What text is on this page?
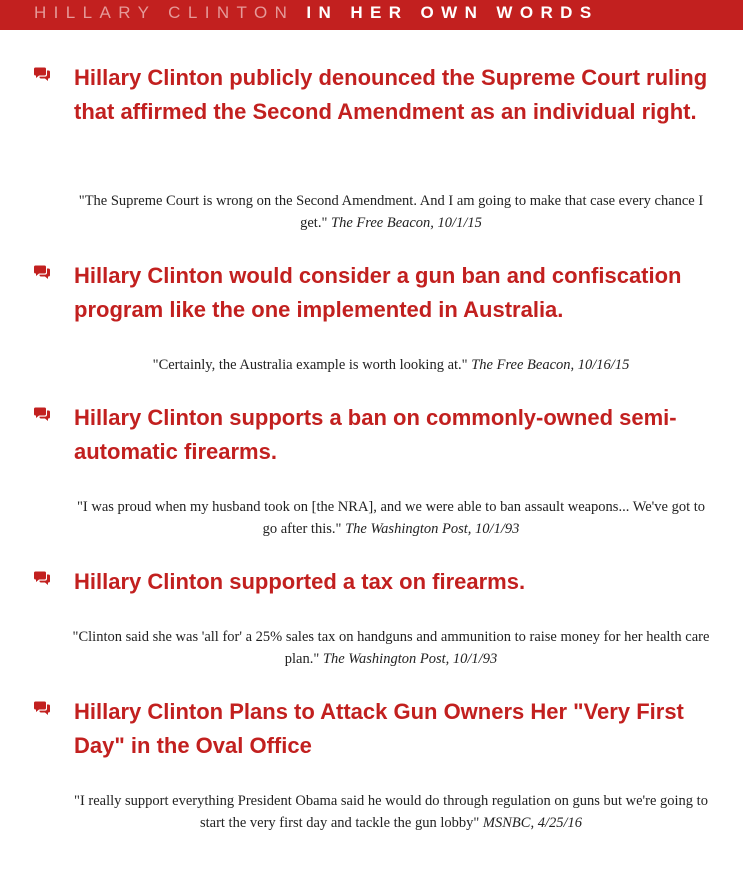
HILLARY CLINTON IN HER OWN WORDS

Hillary Clinton publicly denounced the Supreme Court ruling that affirmed the Second Amendment as an individual right.

"The Supreme Court is wrong on the Second Amendment. And I am going to make that case every chance I get." The Free Beacon, 10/1/15

Hillary Clinton would consider a gun ban and confiscation program like the one implemented in Australia.

"Certainly, the Australia example is worth looking at." The Free Beacon, 10/16/15

Hillary Clinton supports a ban on commonly-owned semi-automatic firearms.

"I was proud when my husband took on [the NRA], and we were able to ban assault weapons... We've got to go after this." The Washington Post, 10/1/93

Hillary Clinton supported a tax on firearms.

"Clinton said she was 'all for' a 25% sales tax on handguns and ammunition to raise money for her health care plan." The Washington Post, 10/1/93

Hillary Clinton Plans to Attack Gun Owners Her "Very First Day" in the Oval Office

"I really support everything President Obama said he would do through regulation on guns but we're going to start the very first day and tackle the gun lobby" MSNBC, 4/25/16
